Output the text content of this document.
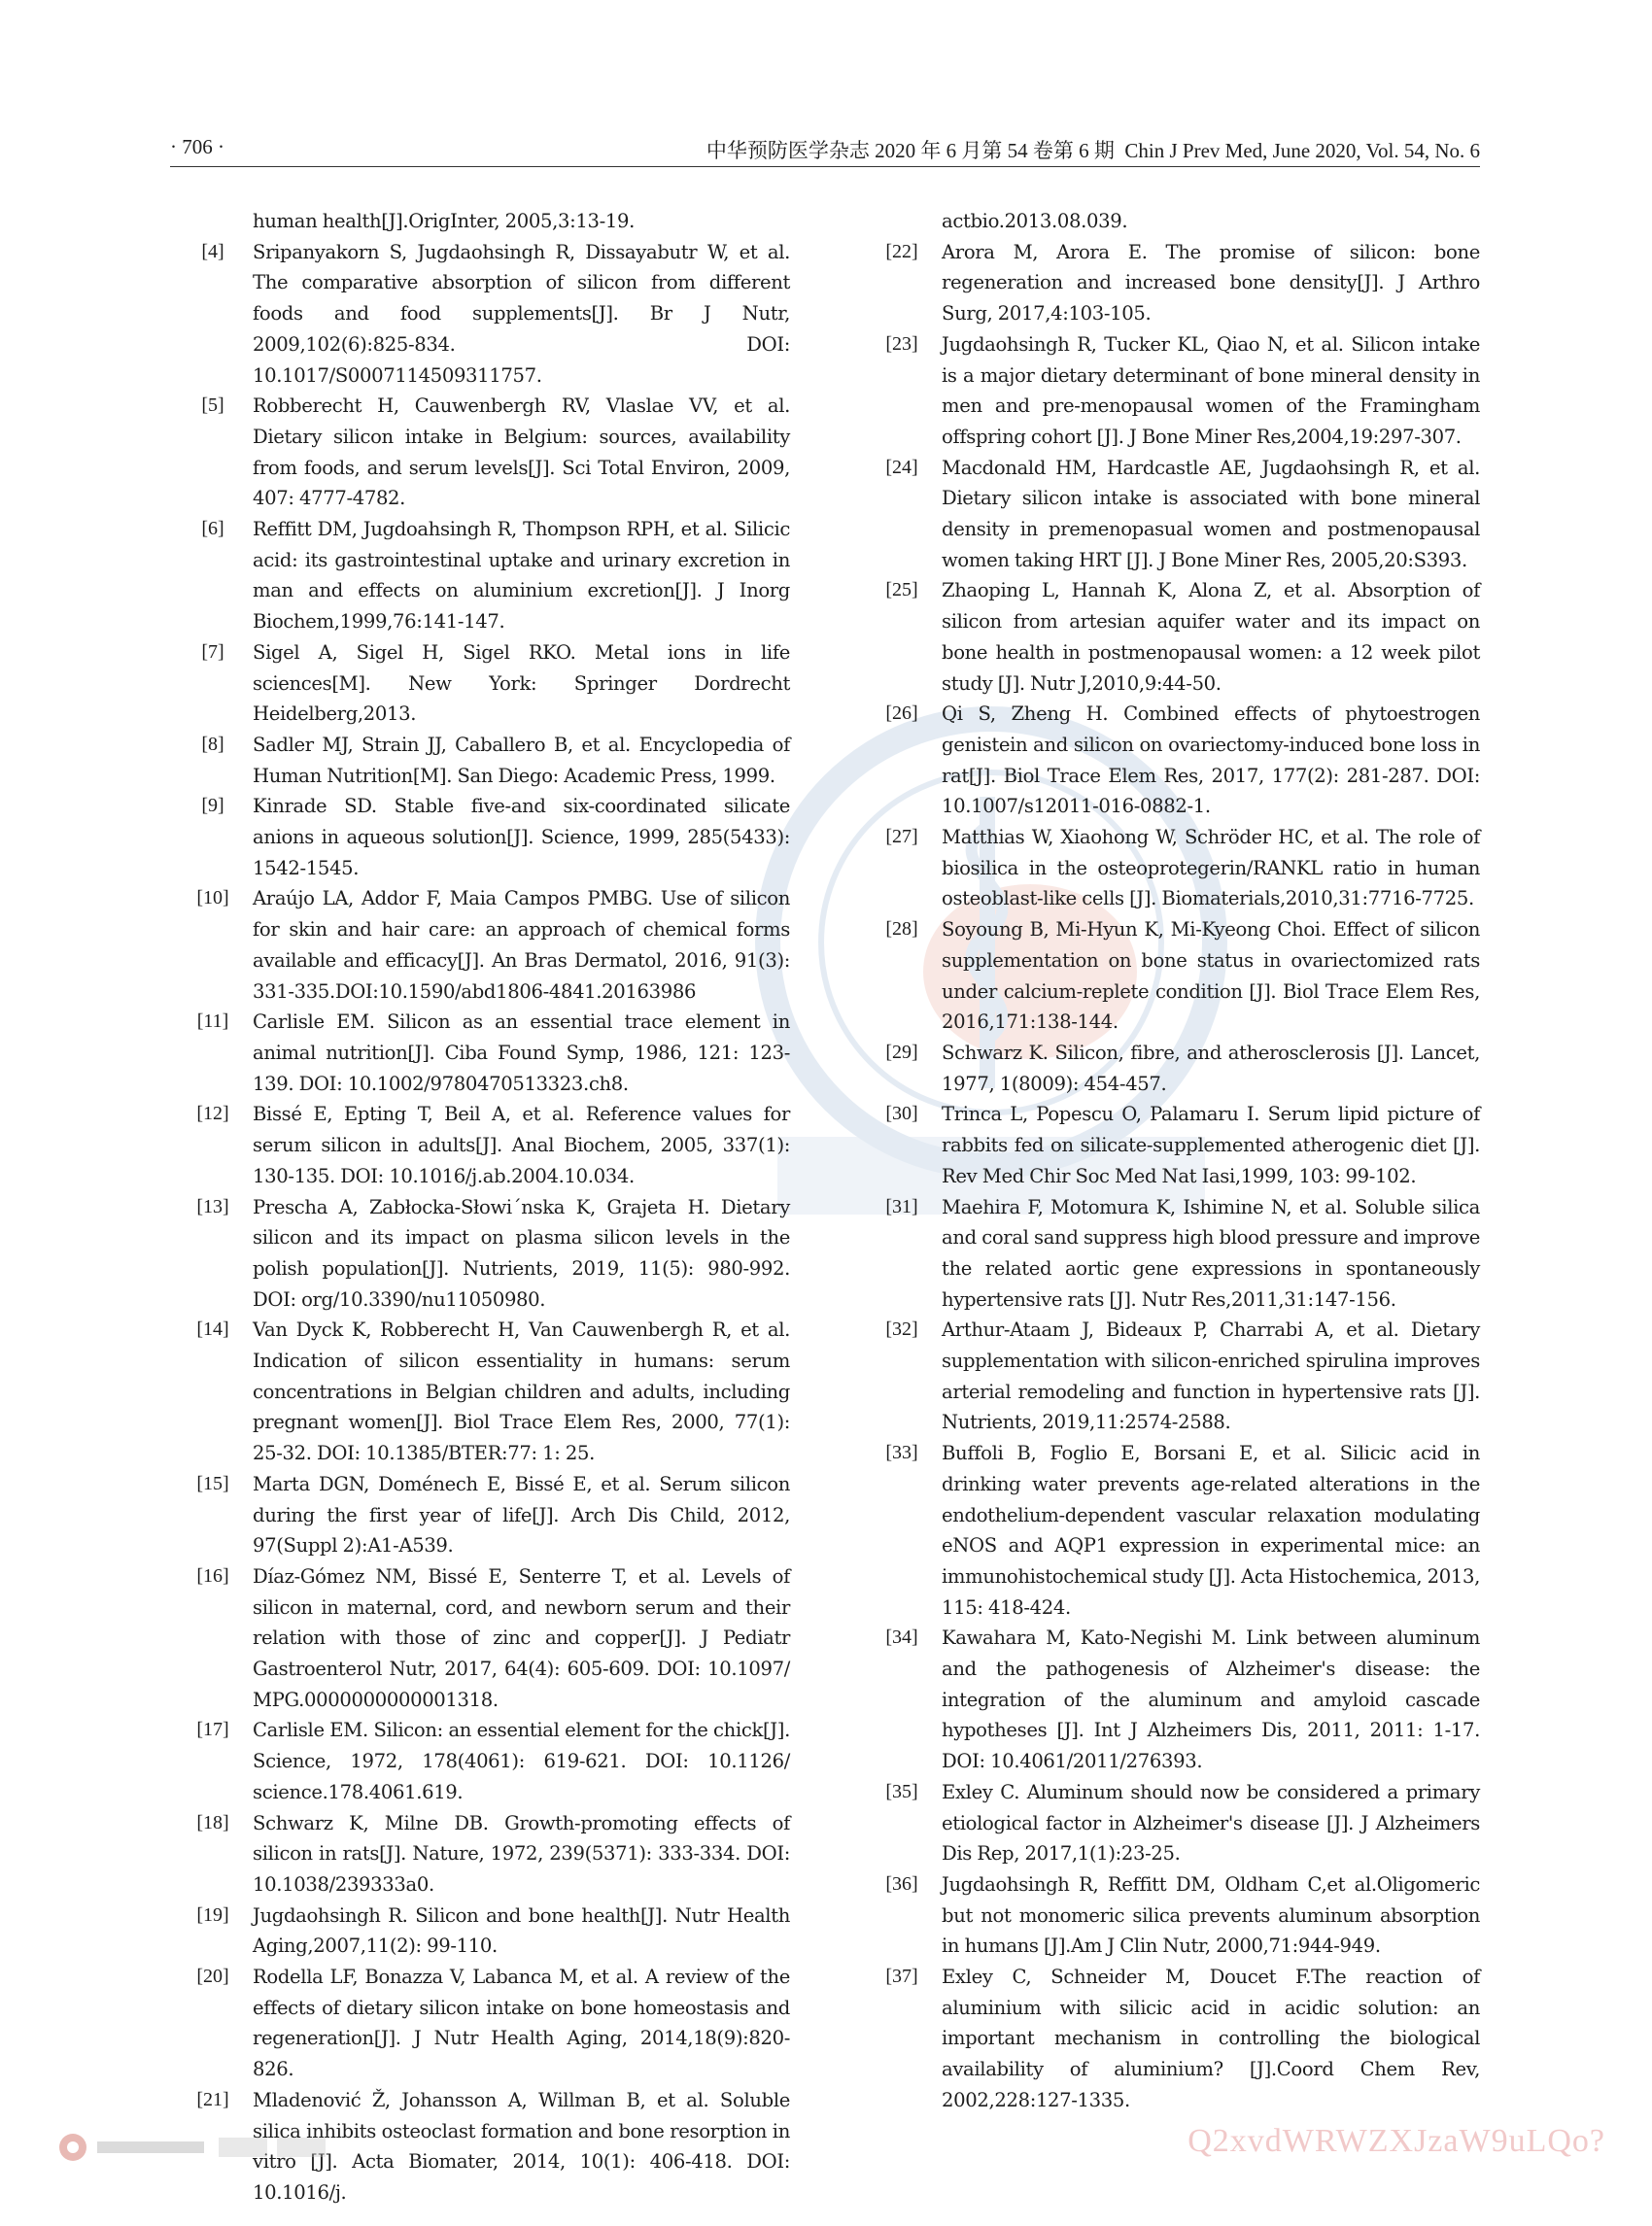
· 706 ·	中华预防医学杂志 2020 年 6 月第 54 卷第 6 期 Chin J Prev Med, June 2020, Vol. 54, No. 6
human health[J].OrigInter, 2005,3:13-19.
[4]	Sripanyakorn S, Jugdaohsingh R, Dissayabutr W, et al. The comparative absorption of silicon from different foods and food supplements[J]. Br J Nutr, 2009,102(6):825-834. DOI: 10.1017/S0007114509311757.
[5]	Robberecht H, Cauwenbergh RV, Vlaslae VV, et al. Dietary silicon intake in Belgium: sources, availability from foods, and serum levels[J]. Sci Total Environ, 2009, 407: 4777-4782.
[6]	Reffitt DM, Jugdoahsingh R, Thompson RPH, et al. Silicic acid: its gastrointestinal uptake and urinary excretion in man and effects on aluminium excretion[J]. J Inorg Biochem,1999,76:141-147.
[7]	Sigel A, Sigel H, Sigel RKO. Metal ions in life sciences[M]. New York: Springer Dordrecht Heidelberg,2013.
[8]	Sadler MJ, Strain JJ, Caballero B, et al. Encyclopedia of Human Nutrition[M]. San Diego: Academic Press, 1999.
[9]	Kinrade SD. Stable five-and six-coordinated silicate anions in aqueous solution[J]. Science, 1999, 285(5433): 1542-1545.
[10]	Araújo LA, Addor F, Maia Campos PMBG. Use of silicon for skin and hair care: an approach of chemical forms available and efficacy[J]. An Bras Dermatol, 2016, 91(3): 331-335.DOI:10.1590/abd1806-4841.20163986
[11]	Carlisle EM. Silicon as an essential trace element in animal nutrition[J]. Ciba Found Symp, 1986, 121: 123-139. DOI: 10.1002/9780470513323.ch8.
[12]	Bissé E, Epting T, Beil A, et al. Reference values for serum silicon in adults[J]. Anal Biochem, 2005, 337(1): 130-135. DOI: 10.1016/j.ab.2004.10.034.
[13]	Prescha A, Zabłocka-Słowi´nska K, Grajeta H. Dietary silicon and its impact on plasma silicon levels in the polish population[J]. Nutrients, 2019, 11(5): 980-992. DOI: org/10.3390/nu11050980.
[14]	Van Dyck K, Robberecht H, Van Cauwenbergh R, et al. Indication of silicon essentiality in humans: serum concentrations in Belgian children and adults, including pregnant women[J]. Biol Trace Elem Res, 2000, 77(1): 25-32. DOI: 10.1385/BTER:77: 1: 25.
[15]	Marta DGN, Doménech E, Bissé E, et al. Serum silicon during the first year of life[J]. Arch Dis Child, 2012, 97(Suppl 2):A1-A539.
[16]	Díaz-Gómez NM, Bissé E, Senterre T, et al. Levels of silicon in maternal, cord, and newborn serum and their relation with those of zinc and copper[J]. J Pediatr Gastroenterol Nutr, 2017, 64(4): 605-609. DOI: 10.1097/ MPG.0000000000001318.
[17]	Carlisle EM. Silicon: an essential element for the chick[J]. Science, 1972, 178(4061): 619-621. DOI: 10.1126/ science.178.4061.619.
[18]	Schwarz K, Milne DB. Growth-promoting effects of silicon in rats[J]. Nature, 1972, 239(5371): 333-334. DOI: 10.1038/239333a0.
[19]	Jugdaohsingh R. Silicon and bone health[J]. Nutr Health Aging,2007,11(2): 99-110.
[20]	Rodella LF, Bonazza V, Labanca M, et al. A review of the effects of dietary silicon intake on bone homeostasis and regeneration[J]. J Nutr Health Aging, 2014,18(9):820-826.
[21]	Mladenović Ž, Johansson A, Willman B, et al. Soluble silica inhibits osteoclast formation and bone resorption in vitro [J]. Acta Biomater, 2014, 10(1): 406-418. DOI: 10.1016/j.
actbio.2013.08.039.
[22]	Arora M, Arora E. The promise of silicon: bone regeneration and increased bone density[J]. J Arthro Surg, 2017,4:103-105.
[23]	Jugdaohsingh R, Tucker KL, Qiao N, et al. Silicon intake is a major dietary determinant of bone mineral density in men and pre-menopausal women of the Framingham offspring cohort [J]. J Bone Miner Res,2004,19:297-307.
[24]	Macdonald HM, Hardcastle AE, Jugdaohsingh R, et al. Dietary silicon intake is associated with bone mineral density in premenopasual women and postmenopausal women taking HRT [J]. J Bone Miner Res, 2005,20:S393.
[25]	Zhaoping L, Hannah K, Alona Z, et al. Absorption of silicon from artesian aquifer water and its impact on bone health in postmenopausal women: a 12 week pilot study [J]. Nutr J,2010,9:44-50.
[26]	Qi S, Zheng H. Combined effects of phytoestrogen genistein and silicon on ovariectomy-induced bone loss in rat[J]. Biol Trace Elem Res, 2017, 177(2): 281-287. DOI: 10.1007/s12011-016-0882-1.
[27]	Matthias W, Xiaohong W, Schröder HC, et al. The role of biosilica in the osteoprotegerin/RANKL ratio in human osteoblast-like cells [J]. Biomaterials,2010,31:7716-7725.
[28]	Soyoung B, Mi-Hyun K, Mi-Kyeong Choi. Effect of silicon supplementation on bone status in ovariectomized rats under calcium-replete condition [J]. Biol Trace Elem Res, 2016,171:138-144.
[29]	Schwarz K. Silicon, fibre, and atherosclerosis [J]. Lancet, 1977, 1(8009): 454-457.
[30]	Trinca L, Popescu O, Palamaru I. Serum lipid picture of rabbits fed on silicate-supplemented atherogenic diet [J]. Rev Med Chir Soc Med Nat Iasi,1999, 103: 99-102.
[31]	Maehira F, Motomura K, Ishimine N, et al. Soluble silica and coral sand suppress high blood pressure and improve the related aortic gene expressions in spontaneously hypertensive rats [J]. Nutr Res,2011,31:147-156.
[32]	Arthur-Ataam J, Bideaux P, Charrabi A, et al. Dietary supplementation with silicon-enriched spirulina improves arterial remodeling and function in hypertensive rats [J]. Nutrients, 2019,11:2574-2588.
[33]	Buffoli B, Foglio E, Borsani E, et al. Silicic acid in drinking water prevents age-related alterations in the endothelium-dependent vascular relaxation modulating eNOS and AQP1 expression in experimental mice: an immunohistochemical study [J]. Acta Histochemica, 2013, 115: 418-424.
[34]	Kawahara M, Kato-Negishi M. Link between aluminum and the pathogenesis of Alzheimer's disease: the integration of the aluminum and amyloid cascade hypotheses [J]. Int J Alzheimers Dis, 2011, 2011: 1-17. DOI: 10.4061/2011/276393.
[35]	Exley C. Aluminum should now be considered a primary etiological factor in Alzheimer's disease [J]. J Alzheimers Dis Rep, 2017,1(1):23-25.
[36]	Jugdaohsingh R, Reffitt DM, Oldham C,et al.Oligomeric but not monomeric silica prevents aluminum absorption in humans [J].Am J Clin Nutr, 2000,71:944-949.
[37]	Exley C, Schneider M, Doucet F.The reaction of aluminium with silicic acid in acidic solution: an important mechanism in controlling the biological availability of aluminium? [J].Coord Chem Rev, 2002,228:127-1335.
Q2xvdWRWZXJzaW9uLQo?
